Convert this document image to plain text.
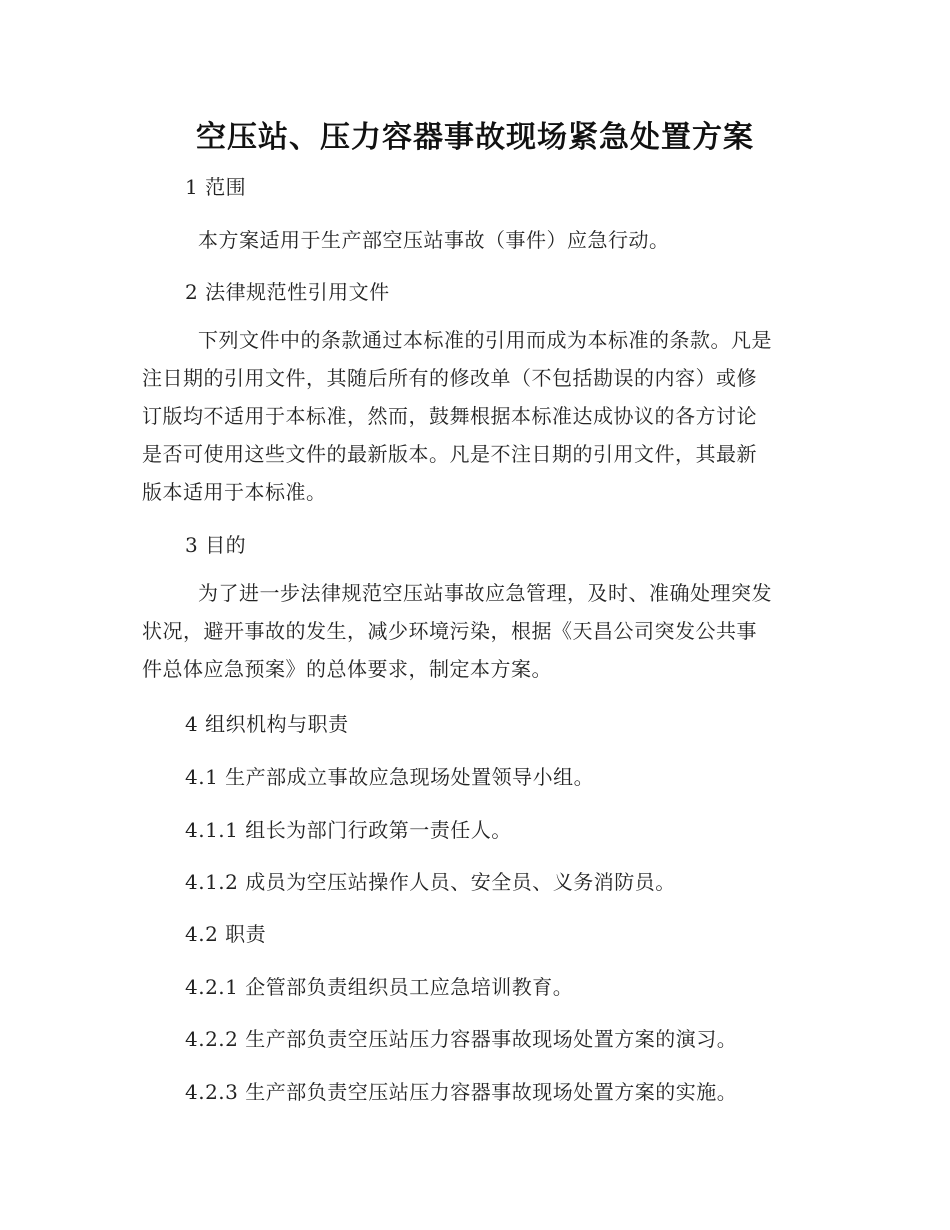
空压站、压力容器事故现场紧急处置方案
1 范围
本方案适用于生产部空压站事故（事件）应急行动。
2 法律规范性引用文件
下列文件中的条款通过本标准的引用而成为本标准的条款。凡是
注日期的引用文件，其随后所有的修改单（不包括勘误的内容）或修
订版均不适用于本标准，然而，鼓舞根据本标准达成协议的各方讨论
是否可使用这些文件的最新版本。凡是不注日期的引用文件，其最新
版本适用于本标准。
3 目的
为了进一步法律规范空压站事故应急管理，及时、准确处理突发
状况，避开事故的发生，减少环境污染，根据《天昌公司突发公共事
件总体应急预案》的总体要求，制定本方案。
4 组织机构与职责
4.1 生产部成立事故应急现场处置领导小组。
4.1.1 组长为部门行政第一责任人。
4.1.2 成员为空压站操作人员、安全员、义务消防员。
4.2 职责
4.2.1 企管部负责组织员工应急培训教育。
4.2.2 生产部负责空压站压力容器事故现场处置方案的演习。
4.2.3 生产部负责空压站压力容器事故现场处置方案的实施。
